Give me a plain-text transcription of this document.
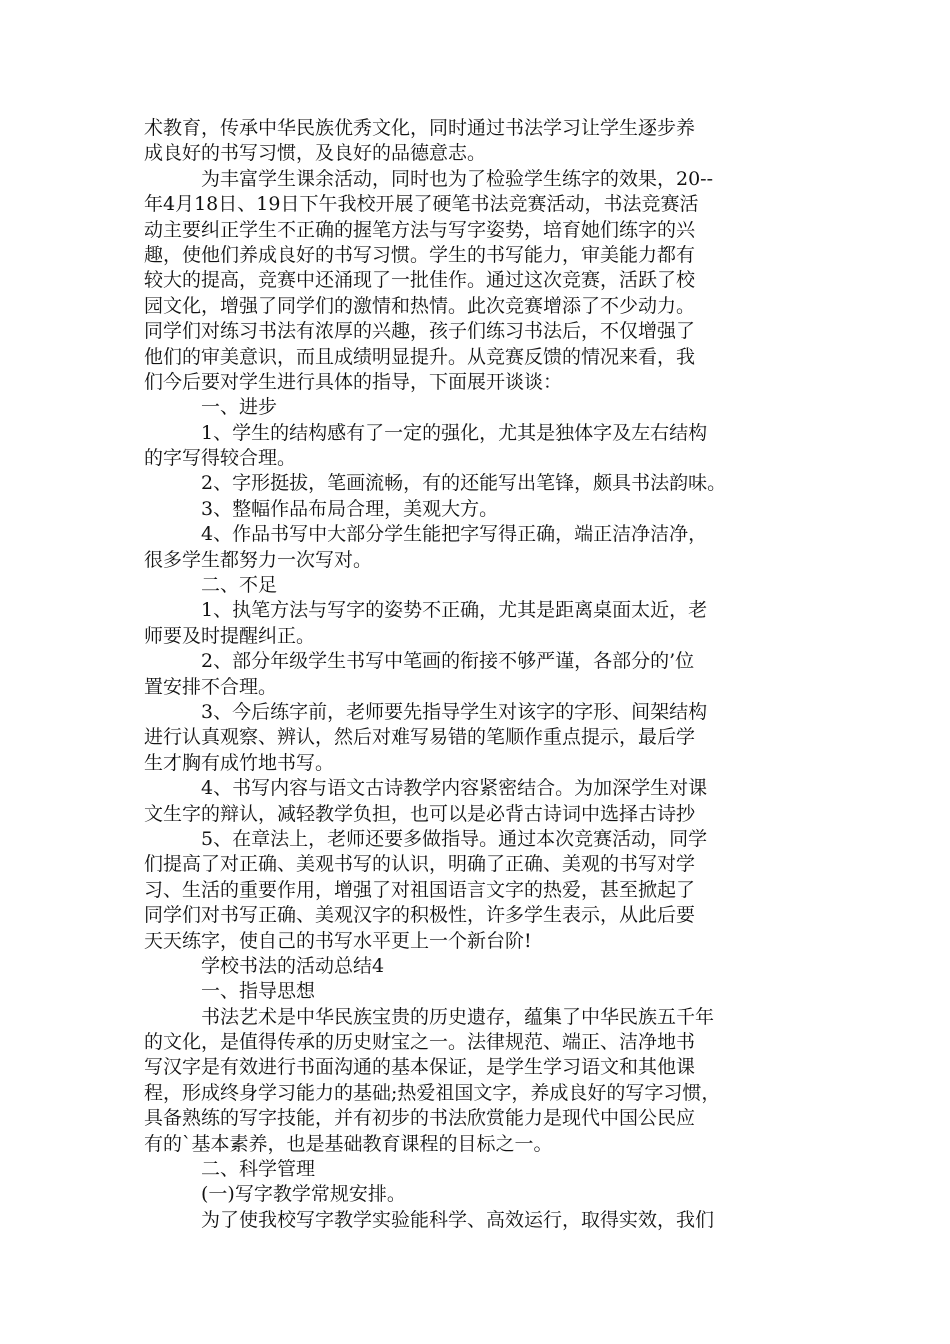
术教育，传承中华民族优秀文化，同时通过书法学习让学生逐步养
成良好的书写习惯，及良好的品德意志。
为丰富学生课余活动，同时也为了检验学生练字的效果，20--
年4月18日、19日下午我校开展了硬笔书法竞赛活动，书法竞赛活
动主要纠正学生不正确的握笔方法与写字姿势，培育她们练字的兴
趣，使他们养成良好的书写习惯。学生的书写能力，审美能力都有
较大的提高，竞赛中还涌现了一批佳作。通过这次竞赛，活跃了校
园文化，增强了同学们的激情和热情。此次竞赛增添了不少动力。
同学们对练习书法有浓厚的兴趣，孩子们练习书法后，不仅增强了
他们的审美意识，而且成绩明显提升。从竞赛反馈的情况来看，我
们今后要对学生进行具体的指导，下面展开谈谈：
一、进步
1、学生的结构感有了一定的强化，尤其是独体字及左右结构
的字写得较合理。
2、字形挺拔，笔画流畅，有的还能写出笔锋，颇具书法韵味。
3、整幅作品布局合理，美观大方。
4、作品书写中大部分学生能把字写得正确，端正洁净洁净，
很多学生都努力一次写对。
二、不足
1、执笔方法与写字的姿势不正确，尤其是距离桌面太近，老
师要及时提醒纠正。
2、部分年级学生书写中笔画的衔接不够严谨，各部分的’位
置安排不合理。
3、今后练字前，老师要先指导学生对该字的字形、间架结构
进行认真观察、辨认，然后对难写易错的笔顺作重点提示，最后学
生才胸有成竹地书写。
4、书写内容与语文古诗教学内容紧密结合。为加深学生对课
文生字的辩认，减轻教学负担，也可以是必背古诗词中选择古诗抄
5、在章法上，老师还要多做指导。通过本次竞赛活动，同学
们提高了对正确、美观书写的认识，明确了正确、美观的书写对学
习、生活的重要作用，增强了对祖国语言文字的热爱，甚至掀起了
同学们对书写正确、美观汉字的积极性，许多学生表示，从此后要
天天练字，使自己的书写水平更上一个新台阶!
学校书法的活动总结4
一、指导思想
书法艺术是中华民族宝贵的历史遗存，蕴集了中华民族五千年
的文化，是值得传承的历史财宝之一。法律规范、端正、洁净地书
写汉字是有效进行书面沟通的基本保证，是学生学习语文和其他课
程，形成终身学习能力的基础;热爱祖国文字，养成良好的写字习惯，
具备熟练的写字技能，并有初步的书法欣赏能力是现代中国公民应
有的`基本素养，也是基础教育课程的目标之一。
二、科学管理
(一)写字教学常规安排。
为了使我校写字教学实验能科学、高效运行，取得实效，我们
